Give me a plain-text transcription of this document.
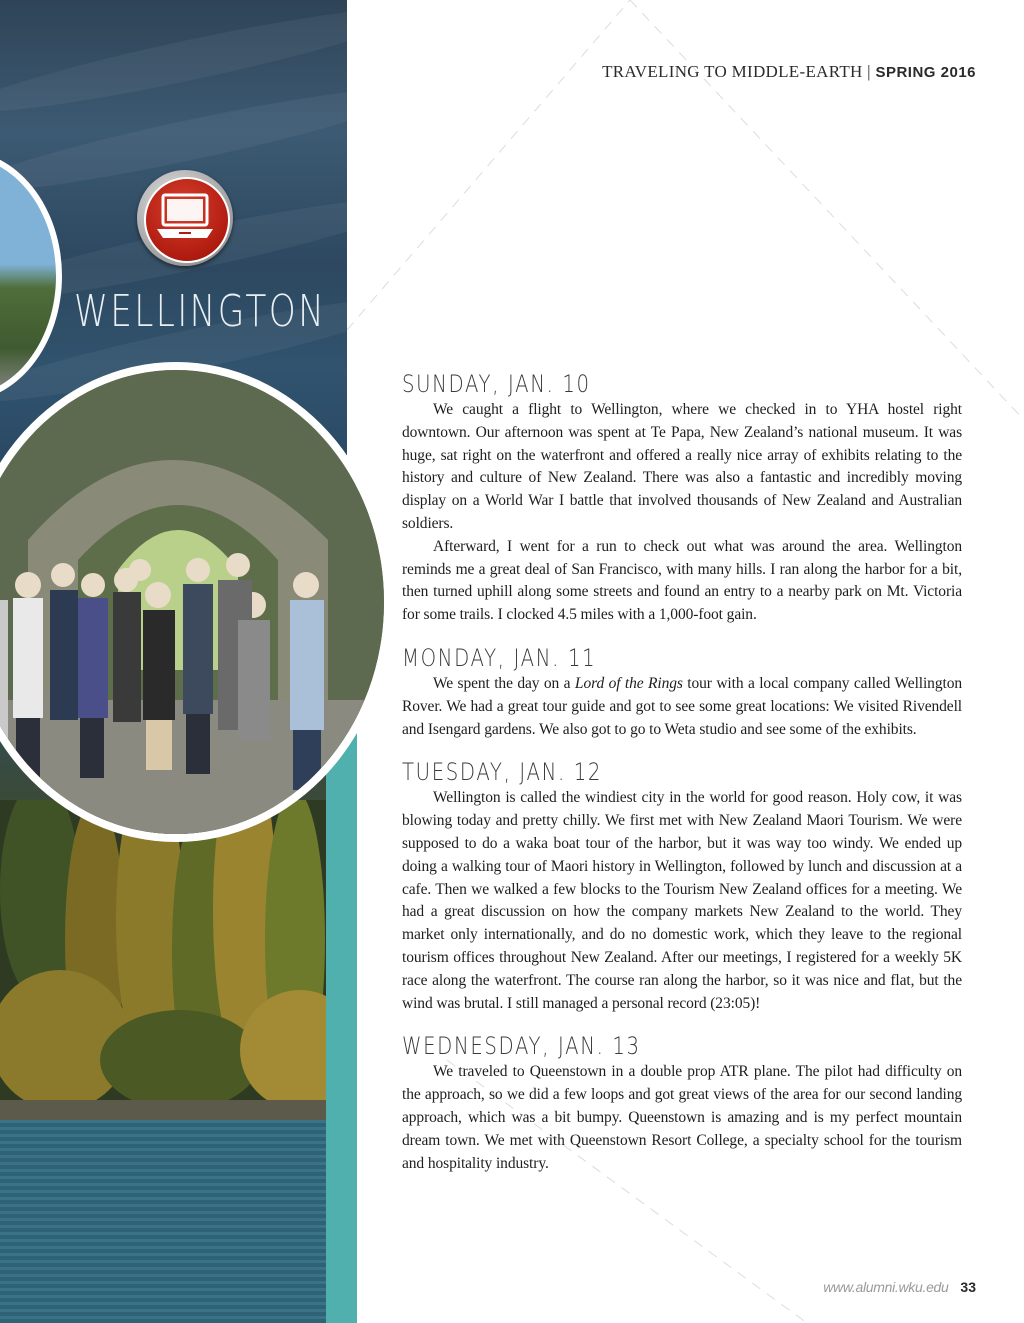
WELLINGTON

TRAVELING TO MIDDLE-EARTH | SPRING 2016

SUNDAY, JAN. 10

We caught a flight to Wellington, where we checked in to YHA hostel right downtown. Our afternoon was spent at Te Papa, New Zealand’s national museum. It was huge, sat right on the waterfront and offered a really nice array of exhibits relating to the history and culture of New Zealand. There was also a fantastic and incredibly moving display on a World War I battle that involved thousands of New Zealand and Australian soldiers.

Afterward, I went for a run to check out what was around the area. Wellington reminds me a great deal of San Francisco, with many hills. I ran along the harbor for a bit, then turned uphill along some streets and found an entry to a nearby park on Mt. Victoria for some trails. I clocked 4.5 miles with a 1,000-foot gain.

MONDAY, JAN. 11

We spent the day on a Lord of the Rings tour with a local company called Wellington Rover. We had a great tour guide and got to see some great locations: We visited Rivendell and Isengard gardens. We also got to go to Weta studio and see some of the exhibits.

TUESDAY, JAN. 12

Wellington is called the windiest city in the world for good reason. Holy cow, it was blowing today and pretty chilly. We first met with New Zealand Maori Tourism. We were supposed to do a waka boat tour of the harbor, but it was way too windy. We ended up doing a walking tour of Maori history in Wellington, followed by lunch and discussion at a cafe. Then we walked a few blocks to the Tourism New Zealand offices for a meeting. We had a great discussion on how the company markets New Zealand to the world. They market only internationally, and do no domestic work, which they leave to the regional tourism offices throughout New Zealand. After our meetings, I registered for a weekly 5K race along the waterfront. The course ran along the harbor, so it was nice and flat, but the wind was brutal. I still managed a personal record (23:05)!

WEDNESDAY, JAN. 13

We traveled to Queenstown in a double prop ATR plane. The pilot had difficulty on the approach, so we did a few loops and got great views of the area for our second landing approach, which was a bit bumpy. Queenstown is amazing and is my perfect mountain dream town. We met with Queenstown Resort College, a specialty school for the tourism and hospitality industry.

www.alumni.wku.edu 33
